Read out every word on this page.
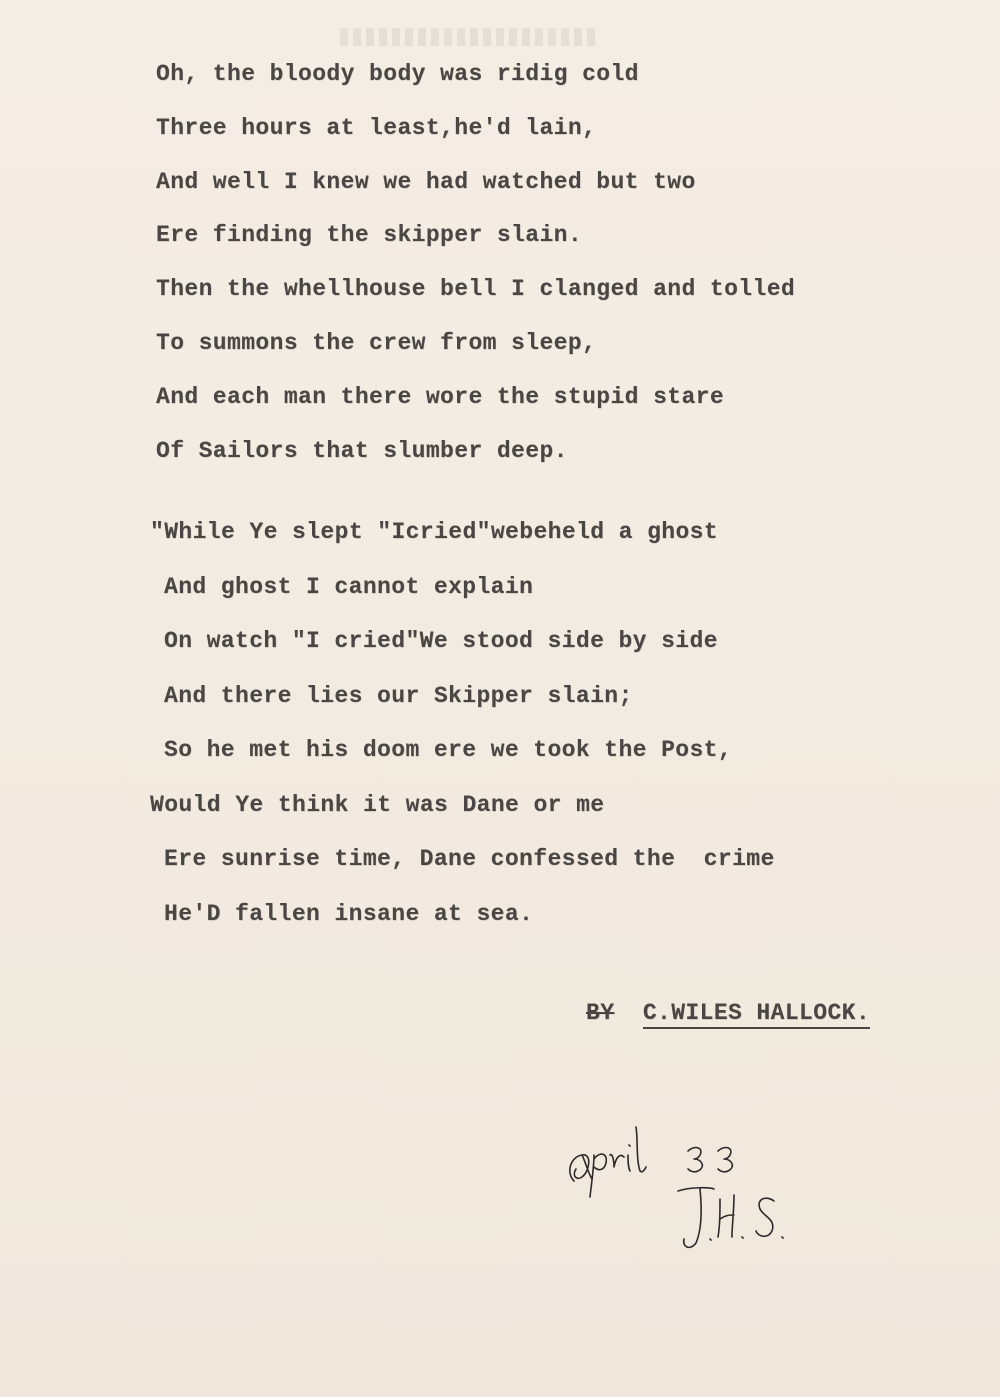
Oh, the bloody body was ridig cold
Three hours at least,he'd lain,
And well I knew we had watched but two
Ere finding the skipper slain.
Then the whellhouse bell I clanged and tolled
To summons the crew from sleep,
And each man there wore the stupid stare
Of Sailors that slumber deep.
"While Ye slept "Icried"webeheld a ghost
And ghost I cannot explain
On watch "I cried"We stood side by side
And there lies our Skipper slain;
So he met his doom ere we took the Post,
Would Ye think it was Dane or me
Ere sunrise time, Dane confessed the  crime
He'D fallen insane at sea.
BY C.WILES HALLOCK.
